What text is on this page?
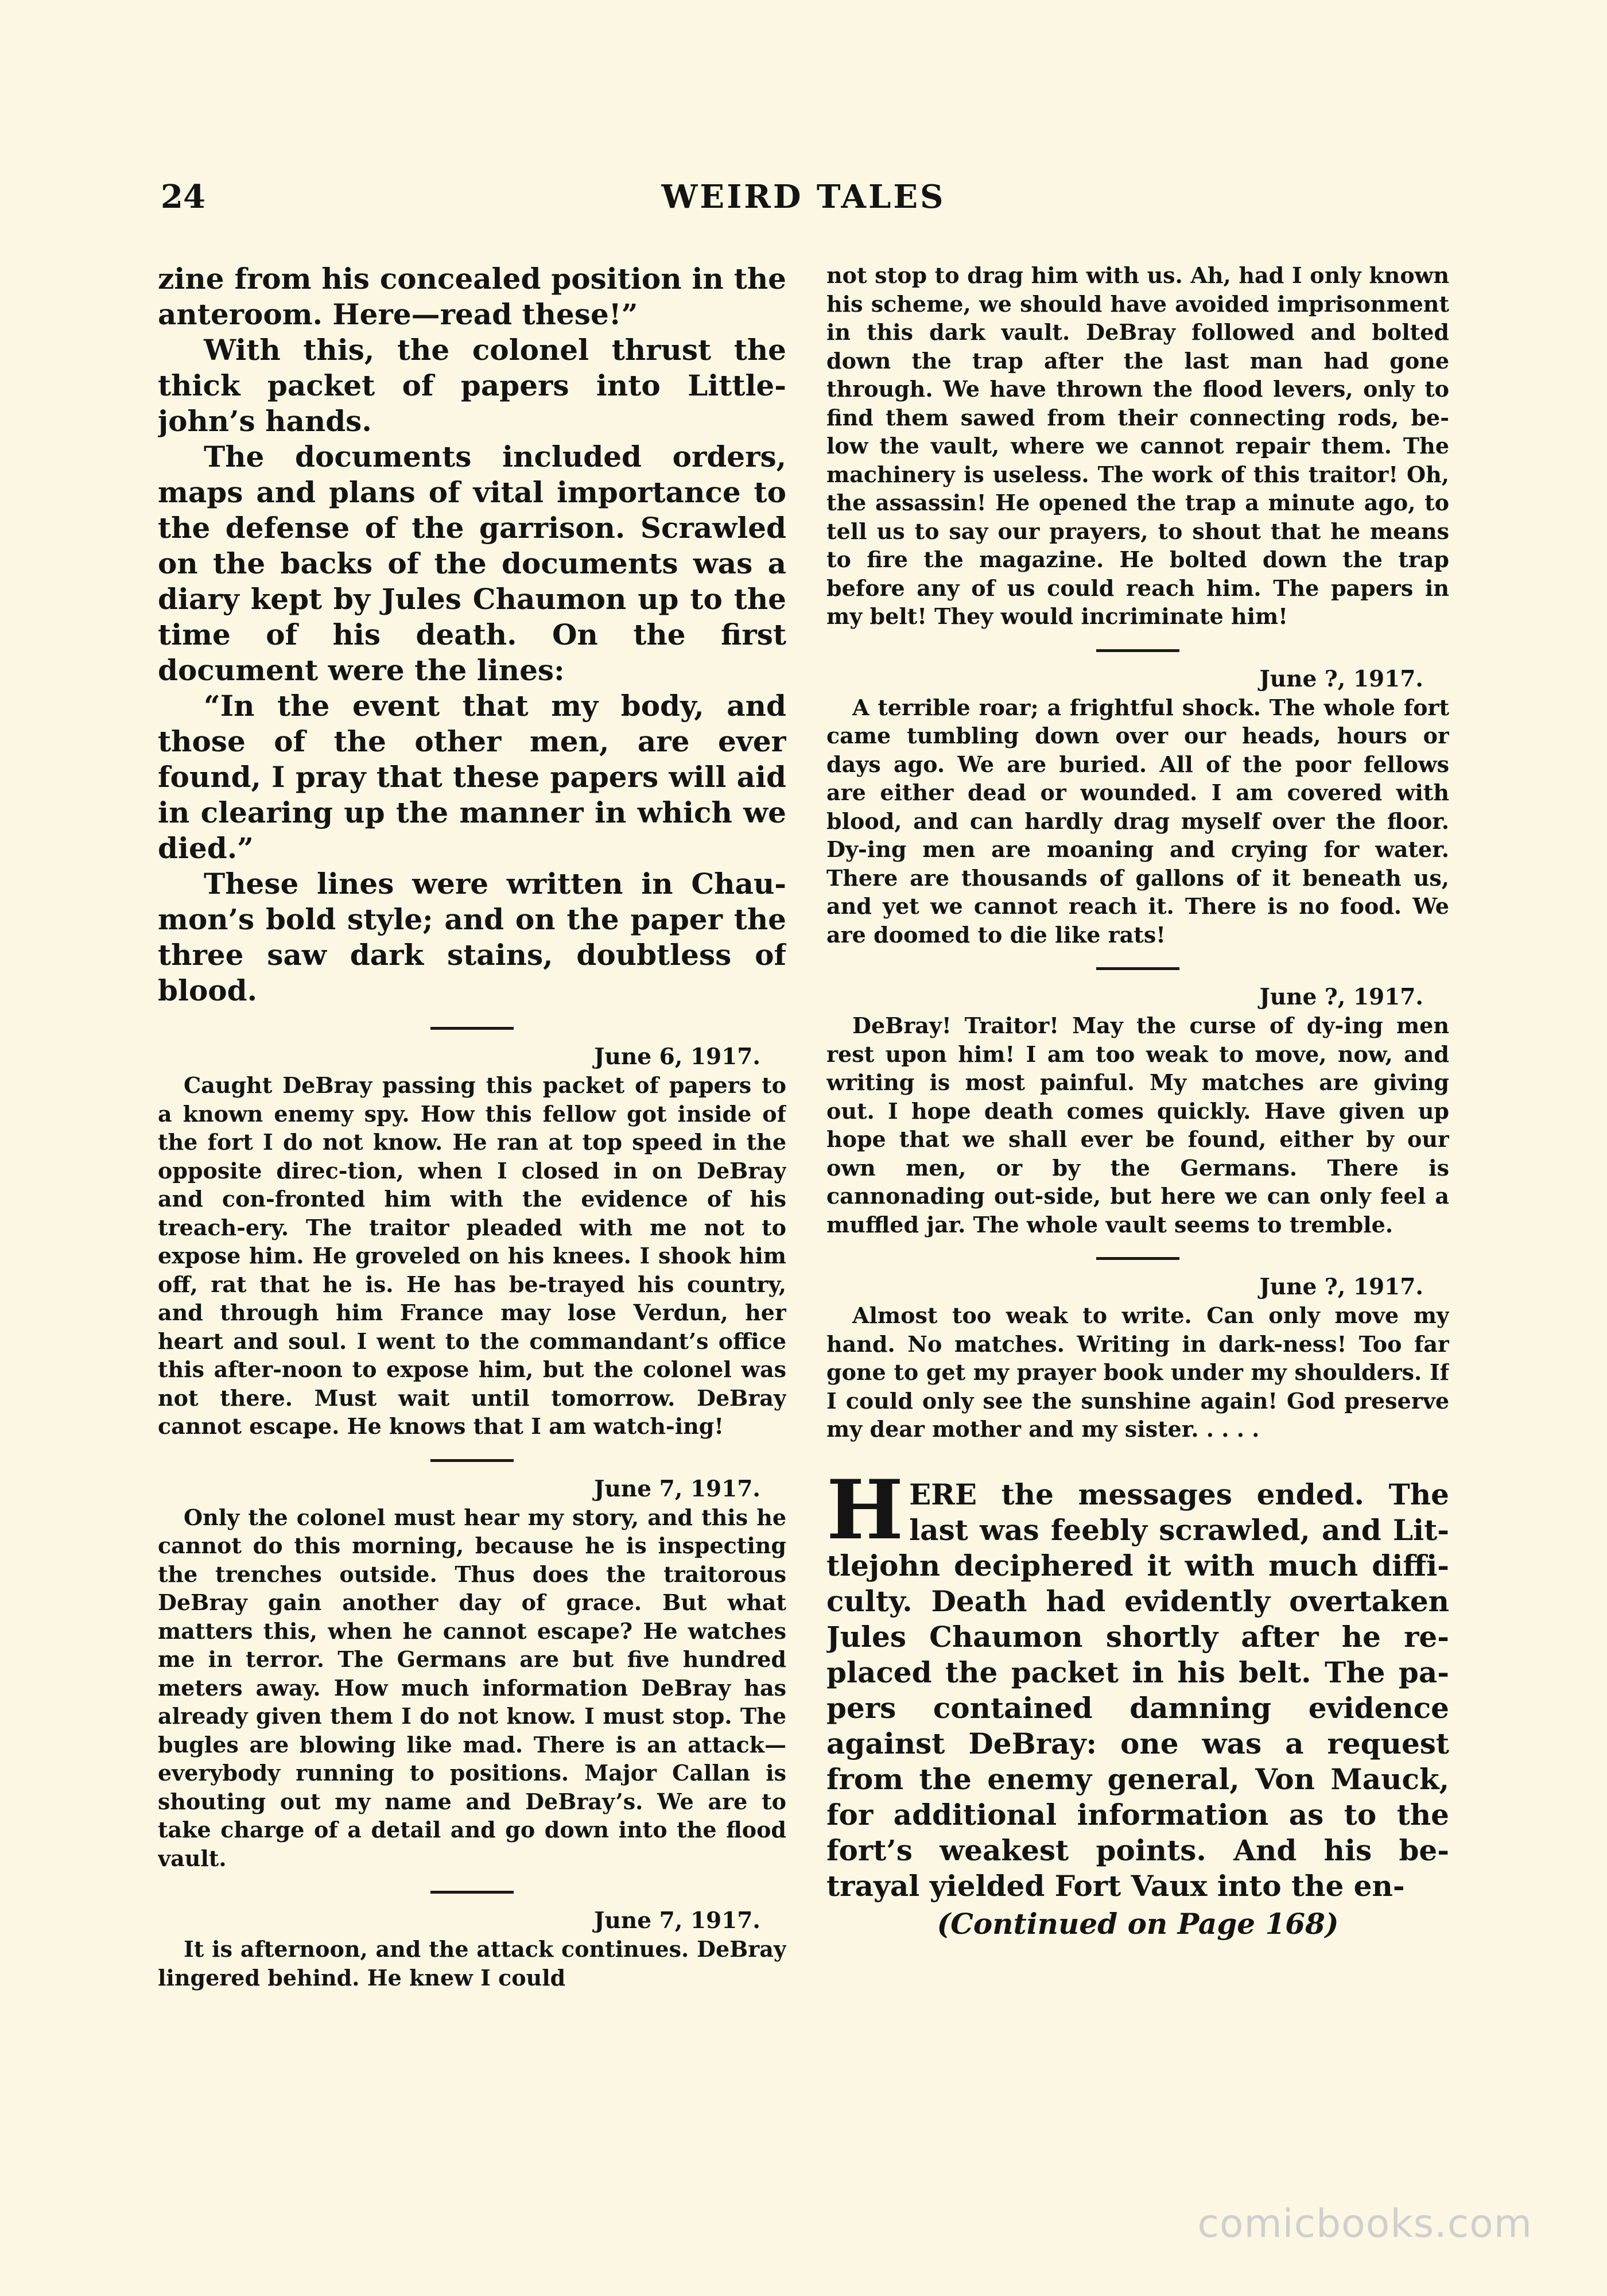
24	WEIRD TALES

zine from his concealed position in the anteroom. Here—read these!”

With this, the colonel thrust the thick packet of papers into Little-john’s hands.

The documents included orders, maps and plans of vital importance to the defense of the garrison. Scrawled on the backs of the documents was a diary kept by Jules Chaumon up to the time of his death. On the first document were the lines:

“In the event that my body, and those of the other men, are ever found, I pray that these papers will aid in clearing up the manner in which we died.”

These lines were written in Chau-mon’s bold style; and on the paper the three saw dark stains, doubtless of blood.

June 6, 1917.

Caught DeBray passing this packet of papers to a known enemy spy. How this fellow got inside of the fort I do not know. He ran at top speed in the opposite direc-tion, when I closed in on DeBray and con-fronted him with the evidence of his treach-ery. The traitor pleaded with me not to expose him. He groveled on his knees. I shook him off, rat that he is. He has be-trayed his country, and through him France may lose Verdun, her heart and soul. I went to the commandant’s office this after-noon to expose him, but the colonel was not there. Must wait until tomorrow. DeBray cannot escape. He knows that I am watch-ing!

June 7, 1917.

Only the colonel must hear my story, and this he cannot do this morning, because he is inspecting the trenches outside. Thus does the traitorous DeBray gain another day of grace. But what matters this, when he cannot escape? He watches me in terror. The Germans are but five hundred meters away. How much information DeBray has already given them I do not know. I must stop. The bugles are blowing like mad. There is an attack—everybody running to positions. Major Callan is shouting out my name and DeBray’s. We are to take charge of a detail and go down into the flood vault.

June 7, 1917.

It is afternoon, and the attack continues. DeBray lingered behind. He knew I could

not stop to drag him with us. Ah, had I only known his scheme, we should have avoided imprisonment in this dark vault. DeBray followed and bolted down the trap after the last man had gone through. We have thrown the flood levers, only to find them sawed from their connecting rods, be-low the vault, where we cannot repair them. The machinery is useless. The work of this traitor! Oh, the assassin! He opened the trap a minute ago, to tell us to say our prayers, to shout that he means to fire the magazine. He bolted down the trap before any of us could reach him. The papers in my belt! They would incriminate him!

June ?, 1917.

A terrible roar; a frightful shock. The whole fort came tumbling down over our heads, hours or days ago. We are buried. All of the poor fellows are either dead or wounded. I am covered with blood, and can hardly drag myself over the floor. Dy-ing men are moaning and crying for water. There are thousands of gallons of it beneath us, and yet we cannot reach it. There is no food. We are doomed to die like rats!

June ?, 1917.

DeBray! Traitor! May the curse of dy-ing men rest upon him! I am too weak to move, now, and writing is most painful. My matches are giving out. I hope death comes quickly. Have given up hope that we shall ever be found, either by our own men, or by the Germans. There is cannonading out-side, but here we can only feel a muffled jar. The whole vault seems to tremble.

June ?, 1917.

Almost too weak to write. Can only move my hand. No matches. Writing in dark-ness! Too far gone to get my prayer book under my shoulders. If I could only see the sunshine again! God preserve my dear mother and my sister. . . . .

HERE the messages ended. The last was feebly scrawled, and Lit-tlejohn deciphered it with much diffi-culty. Death had evidently overtaken Jules Chaumon shortly after he re-placed the packet in his belt. The pa-pers contained damning evidence against DeBray: one was a request from the enemy general, Von Mauck, for additional information as to the fort’s weakest points. And his be-trayal yielded Fort Vaux into the en-

(Continued on Page 168)

comicbooks.com
